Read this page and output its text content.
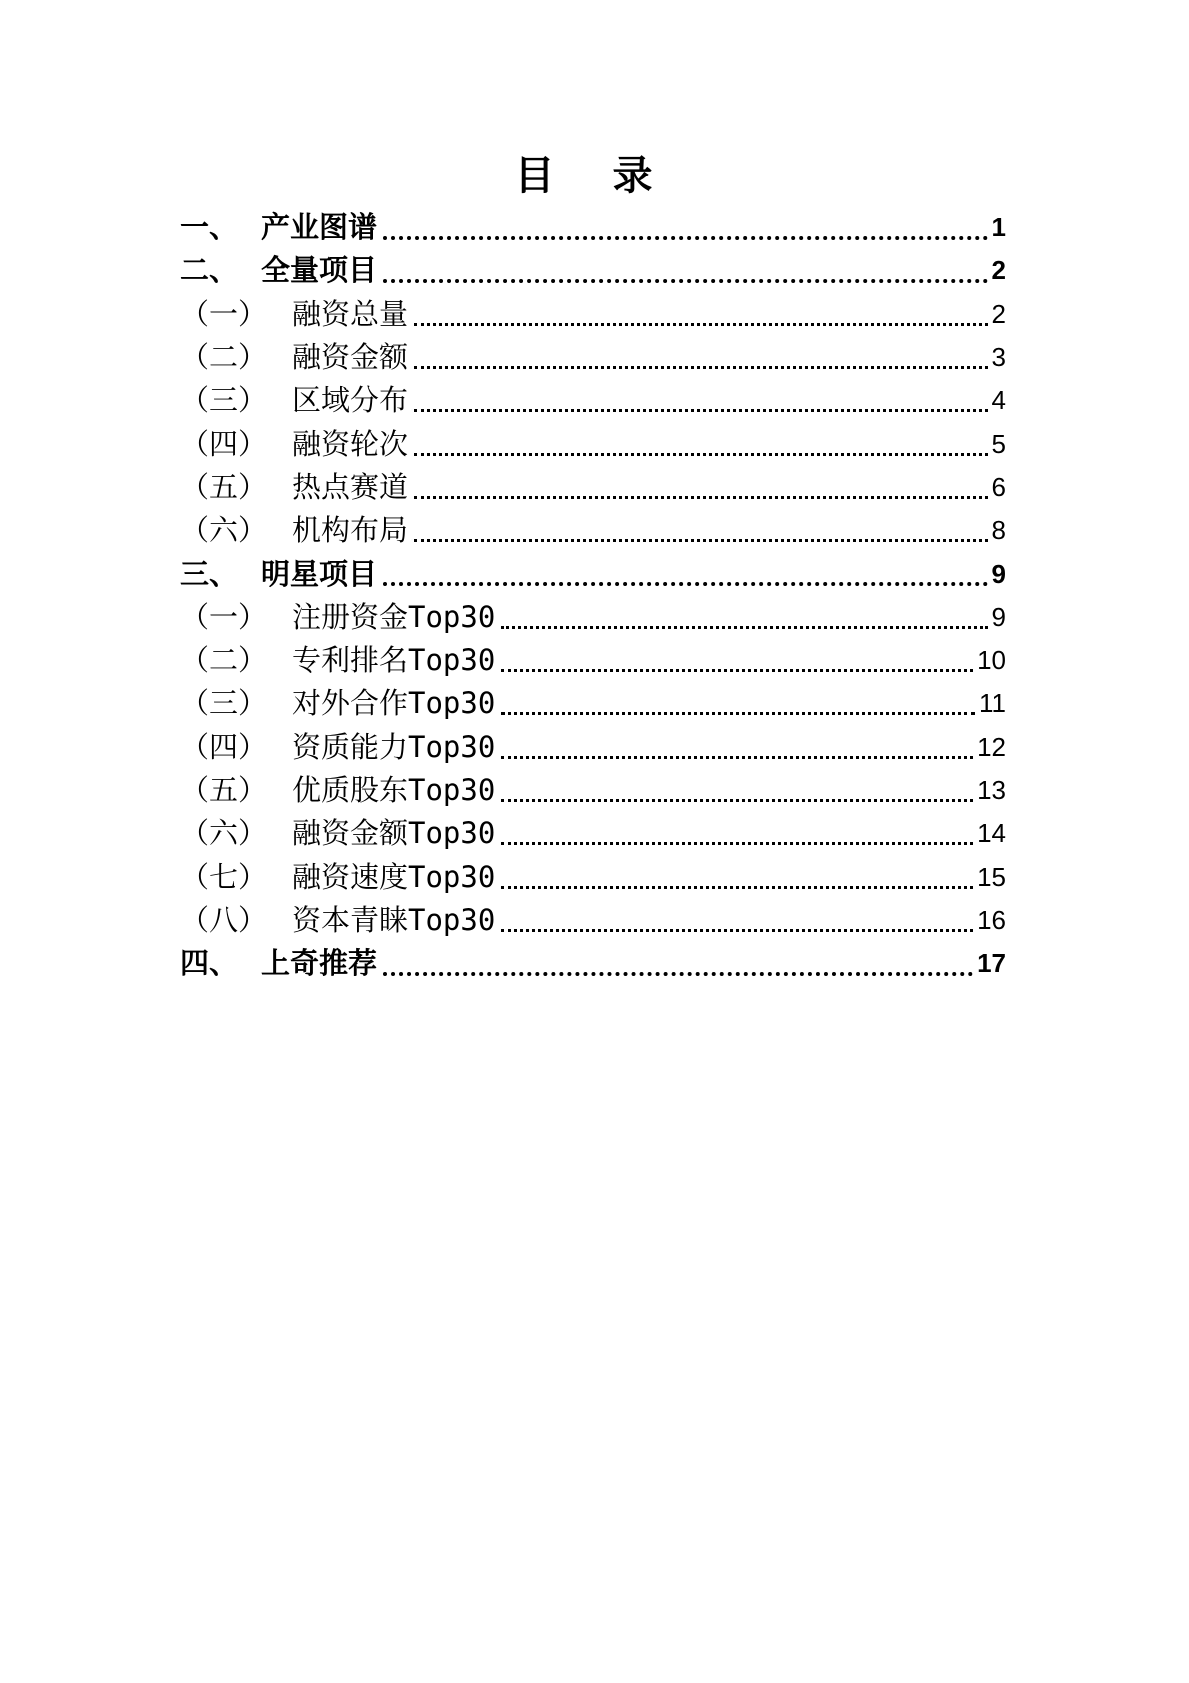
目 录
一、 产业图谱	1
二、 全量项目	2
（一） 融资总量	2
（二） 融资金额	3
（三） 区域分布	4
（四） 融资轮次	5
（五） 热点赛道	6
（六） 机构布局	8
三、 明星项目	9
（一） 注册资金Top30	9
（二） 专利排名Top30	10
（三） 对外合作Top30	11
（四） 资质能力Top30	12
（五） 优质股东Top30	13
（六） 融资金额Top30	14
（七） 融资速度Top30	15
（八） 资本青睐Top30	16
四、 上奇推荐	17
